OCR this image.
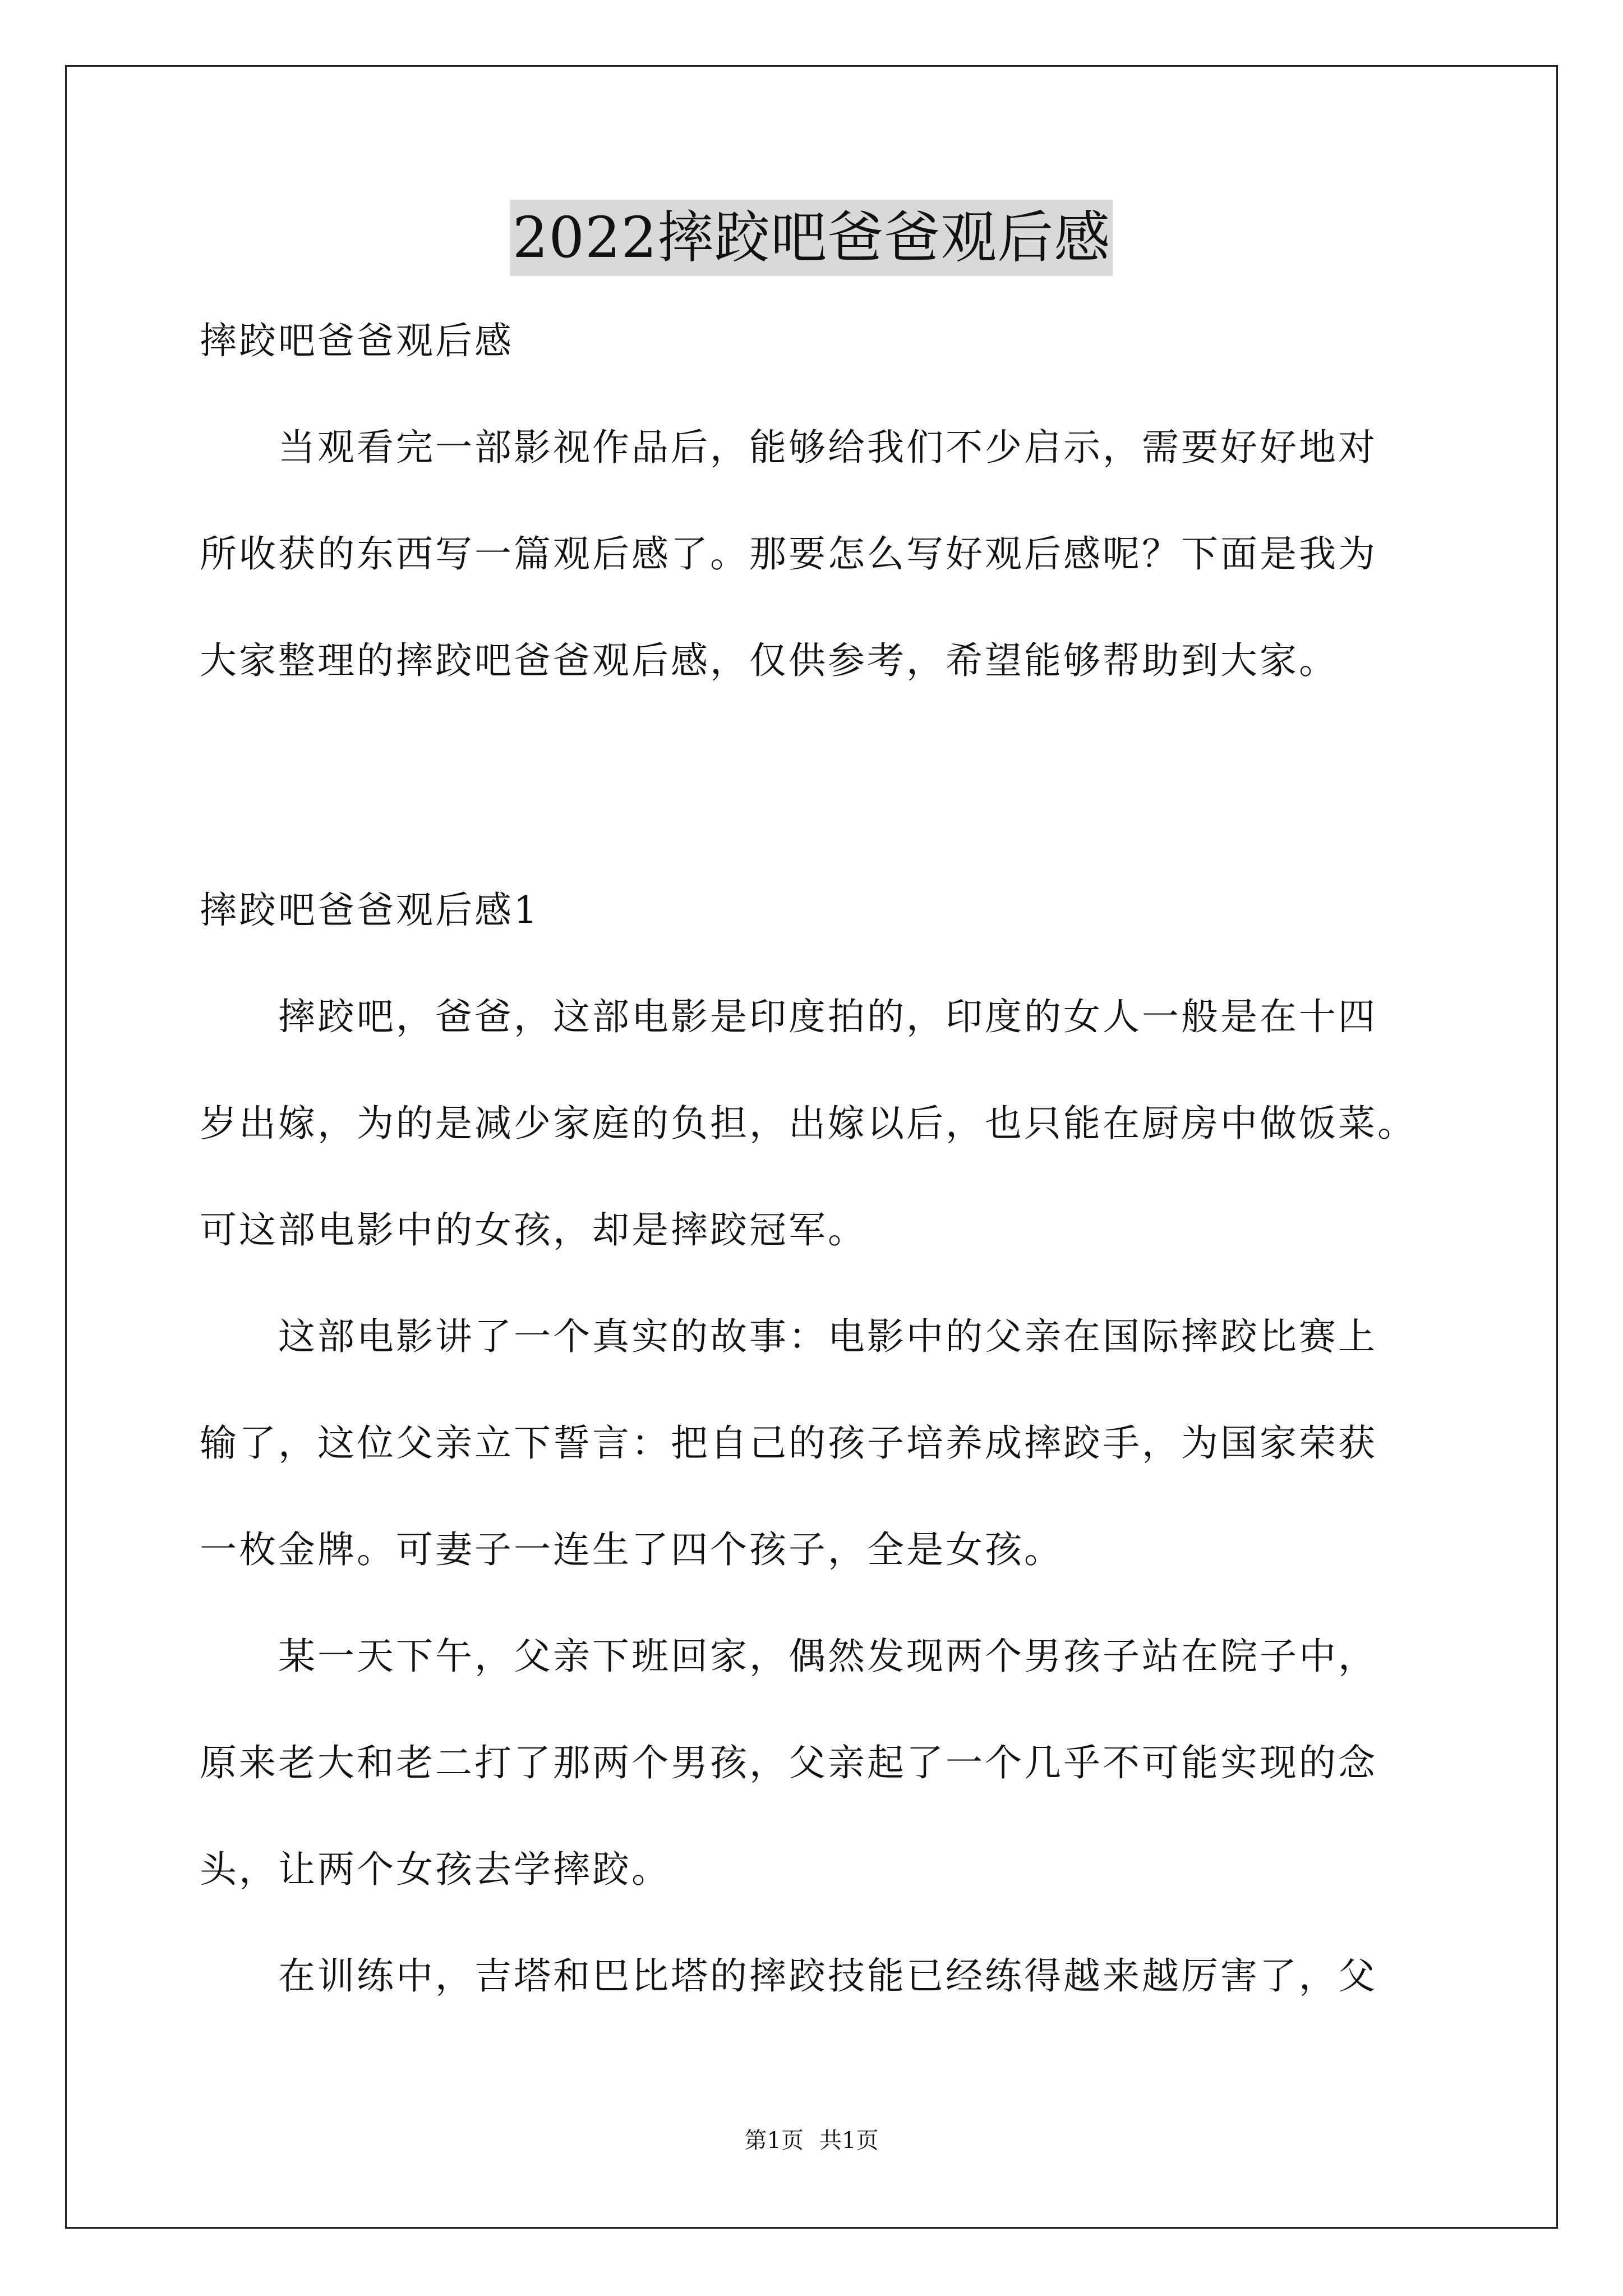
2022摔跤吧爸爸观后感
摔跤吧爸爸观后感
　　当观看完一部影视作品后，能够给我们不少启示，需要好好地对
所收获的东西写一篇观后感了。那要怎么写好观后感呢？下面是我为
大家整理的摔跤吧爸爸观后感，仅供参考，希望能够帮助到大家。
摔跤吧爸爸观后感1
　　摔跤吧，爸爸，这部电影是印度拍的，印度的女人一般是在十四
岁出嫁，为的是减少家庭的负担，出嫁以后，也只能在厨房中做饭菜。
可这部电影中的女孩，却是摔跤冠军。
　　这部电影讲了一个真实的故事：电影中的父亲在国际摔跤比赛上
输了，这位父亲立下誓言：把自己的孩子培养成摔跤手，为国家荣获
一枚金牌。可妻子一连生了四个孩子，全是女孩。
　　某一天下午，父亲下班回家，偶然发现两个男孩子站在院子中，
原来老大和老二打了那两个男孩，父亲起了一个几乎不可能实现的念
头，让两个女孩去学摔跤。
　　在训练中，吉塔和巴比塔的摔跤技能已经练得越来越厉害了，父
第1页 共1页
